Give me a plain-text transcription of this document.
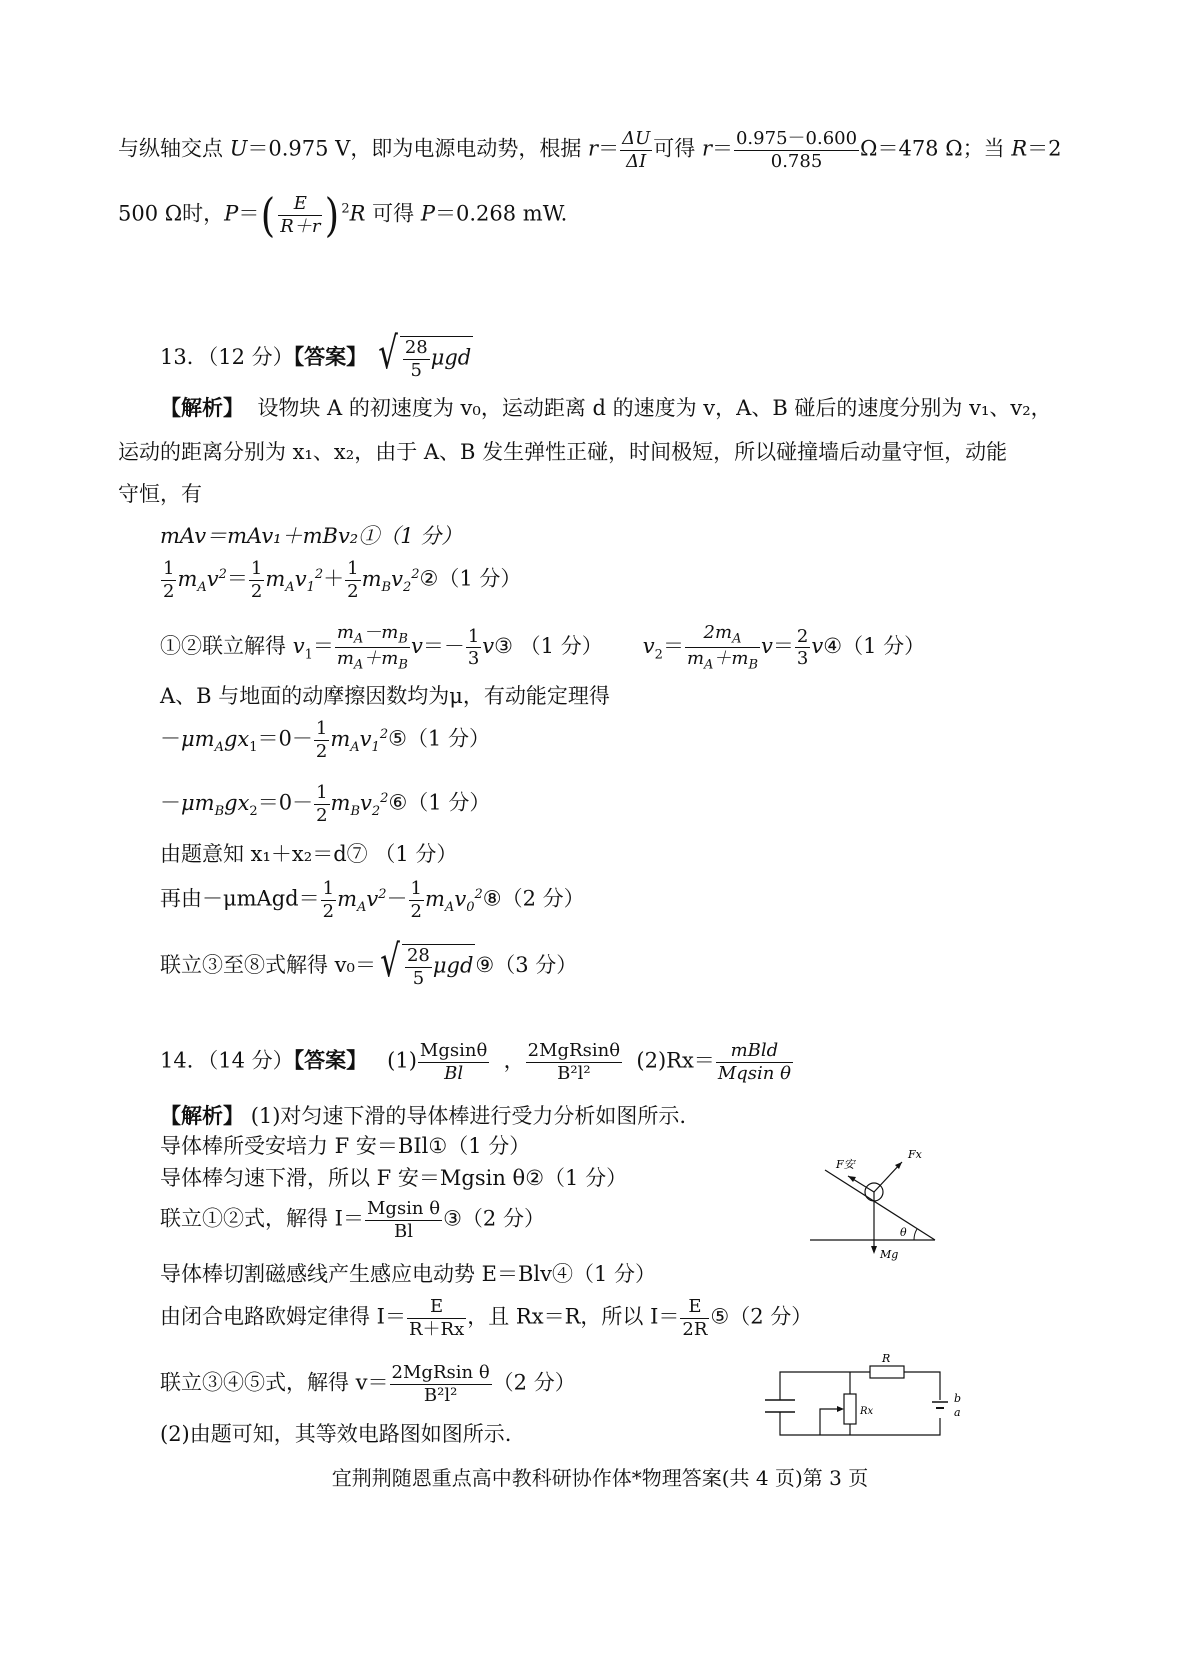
与纵轴交点 U＝0.975 V，即为电源电动势，根据 $r= \frac{\Delta U}{\Delta I}$ 可得 $r= \frac{0.975-0.600}{0.785} \Omega=478$ Ω；当 R＝2
500 Ω时，$P=( \frac{E}{R+r}$ ) $^2$R 可得 P＝0.268 mW.
13．（12 分）【答案】 √ $\frac{28}{5}$ μgd
【解析】 设物块 A 的初速度为 v₀，运动距离 d 的速度为 v，A、B 碰后的速度分别为 v₁、v₂，
运动的距离分别为 x₁、x₂，由于 A、B 发生弹性正碰，时间极短，所以碰撞墙后动量守恒，动能
守恒，有
mAv＝mAv₁＋mBv₂①（1 分）
$\frac{1}{2} m_Av^2= \frac{1}{2} m_Av_1^2+ \frac{1}{2}$ $m_Bv_2^2②(1$ 分）
①②联立解得 $v_1= \frac{m_A-m_B}{m_A+m_B} v=- \frac{1}{3}$ v③ （1 分） $v_2= \frac{2m_A}{m_A+m_B} v= \frac{2}{3}$ v④（1 分）
A、B 与地面的动摩擦因数均为μ，有动能定理得
$-\mu m_Agx_1=0- \frac{1}{2}$ $m_Av_1^2⑤(1$ 分）
$-\mu m_Bgx_2=0- \frac{1}{2}$ $m_Bv_2^2⑥(1$ 分）
由题意知 x₁＋x₂＝d⑦ （1 分）
再由－μmAgd＝ $\frac{1}{2} m_Av^2- \frac{1}{2}$ $m_Av_0^2⑧(2$ 分）
联立③至⑧式解得 v₀＝ √ $\frac{28}{5}$ μgd⑨（3 分）
14．（14 分）【答案】 $(1) \frac{Mgsin\theta}{Bl}$ ， $\frac{\text{2MgRsinθ}}{\text{B²l²}} (2)Rx= \frac{\text{mBld}}{\text{Mqsin θ}}$
【解析】 (1)对匀速下滑的导体棒进行受力分析如图所示.
导体棒所受安培力 F 安＝BIl①（1 分）
导体棒匀速下滑，所以 F 安＝Mgsin θ②（1 分）
联立①②式，解得 $I= \frac{\text{Mgsin θ}}{Bl}$ ③（2 分）
导体棒切割磁感线产生感应电动势 E＝Blv④（1 分）
由闭合电路欧姆定律得 $I= \frac{E}{R+Rx}$ ，且 Rx＝R，所以 $I= \frac{E}{2R}$ ⑤（2 分）
联立③④⑤式，解得 $v= \frac{\text{2MgRsin θ}}{\text{B²l²}} (2$ 分）
(2)由题可知，其等效电路图如图所示.
F安
Fx
θ
Mg
R
Rx
b
a
宜荆荆随恩重点高中教科研协作体*物理答案(共 4 页)第 3 页
